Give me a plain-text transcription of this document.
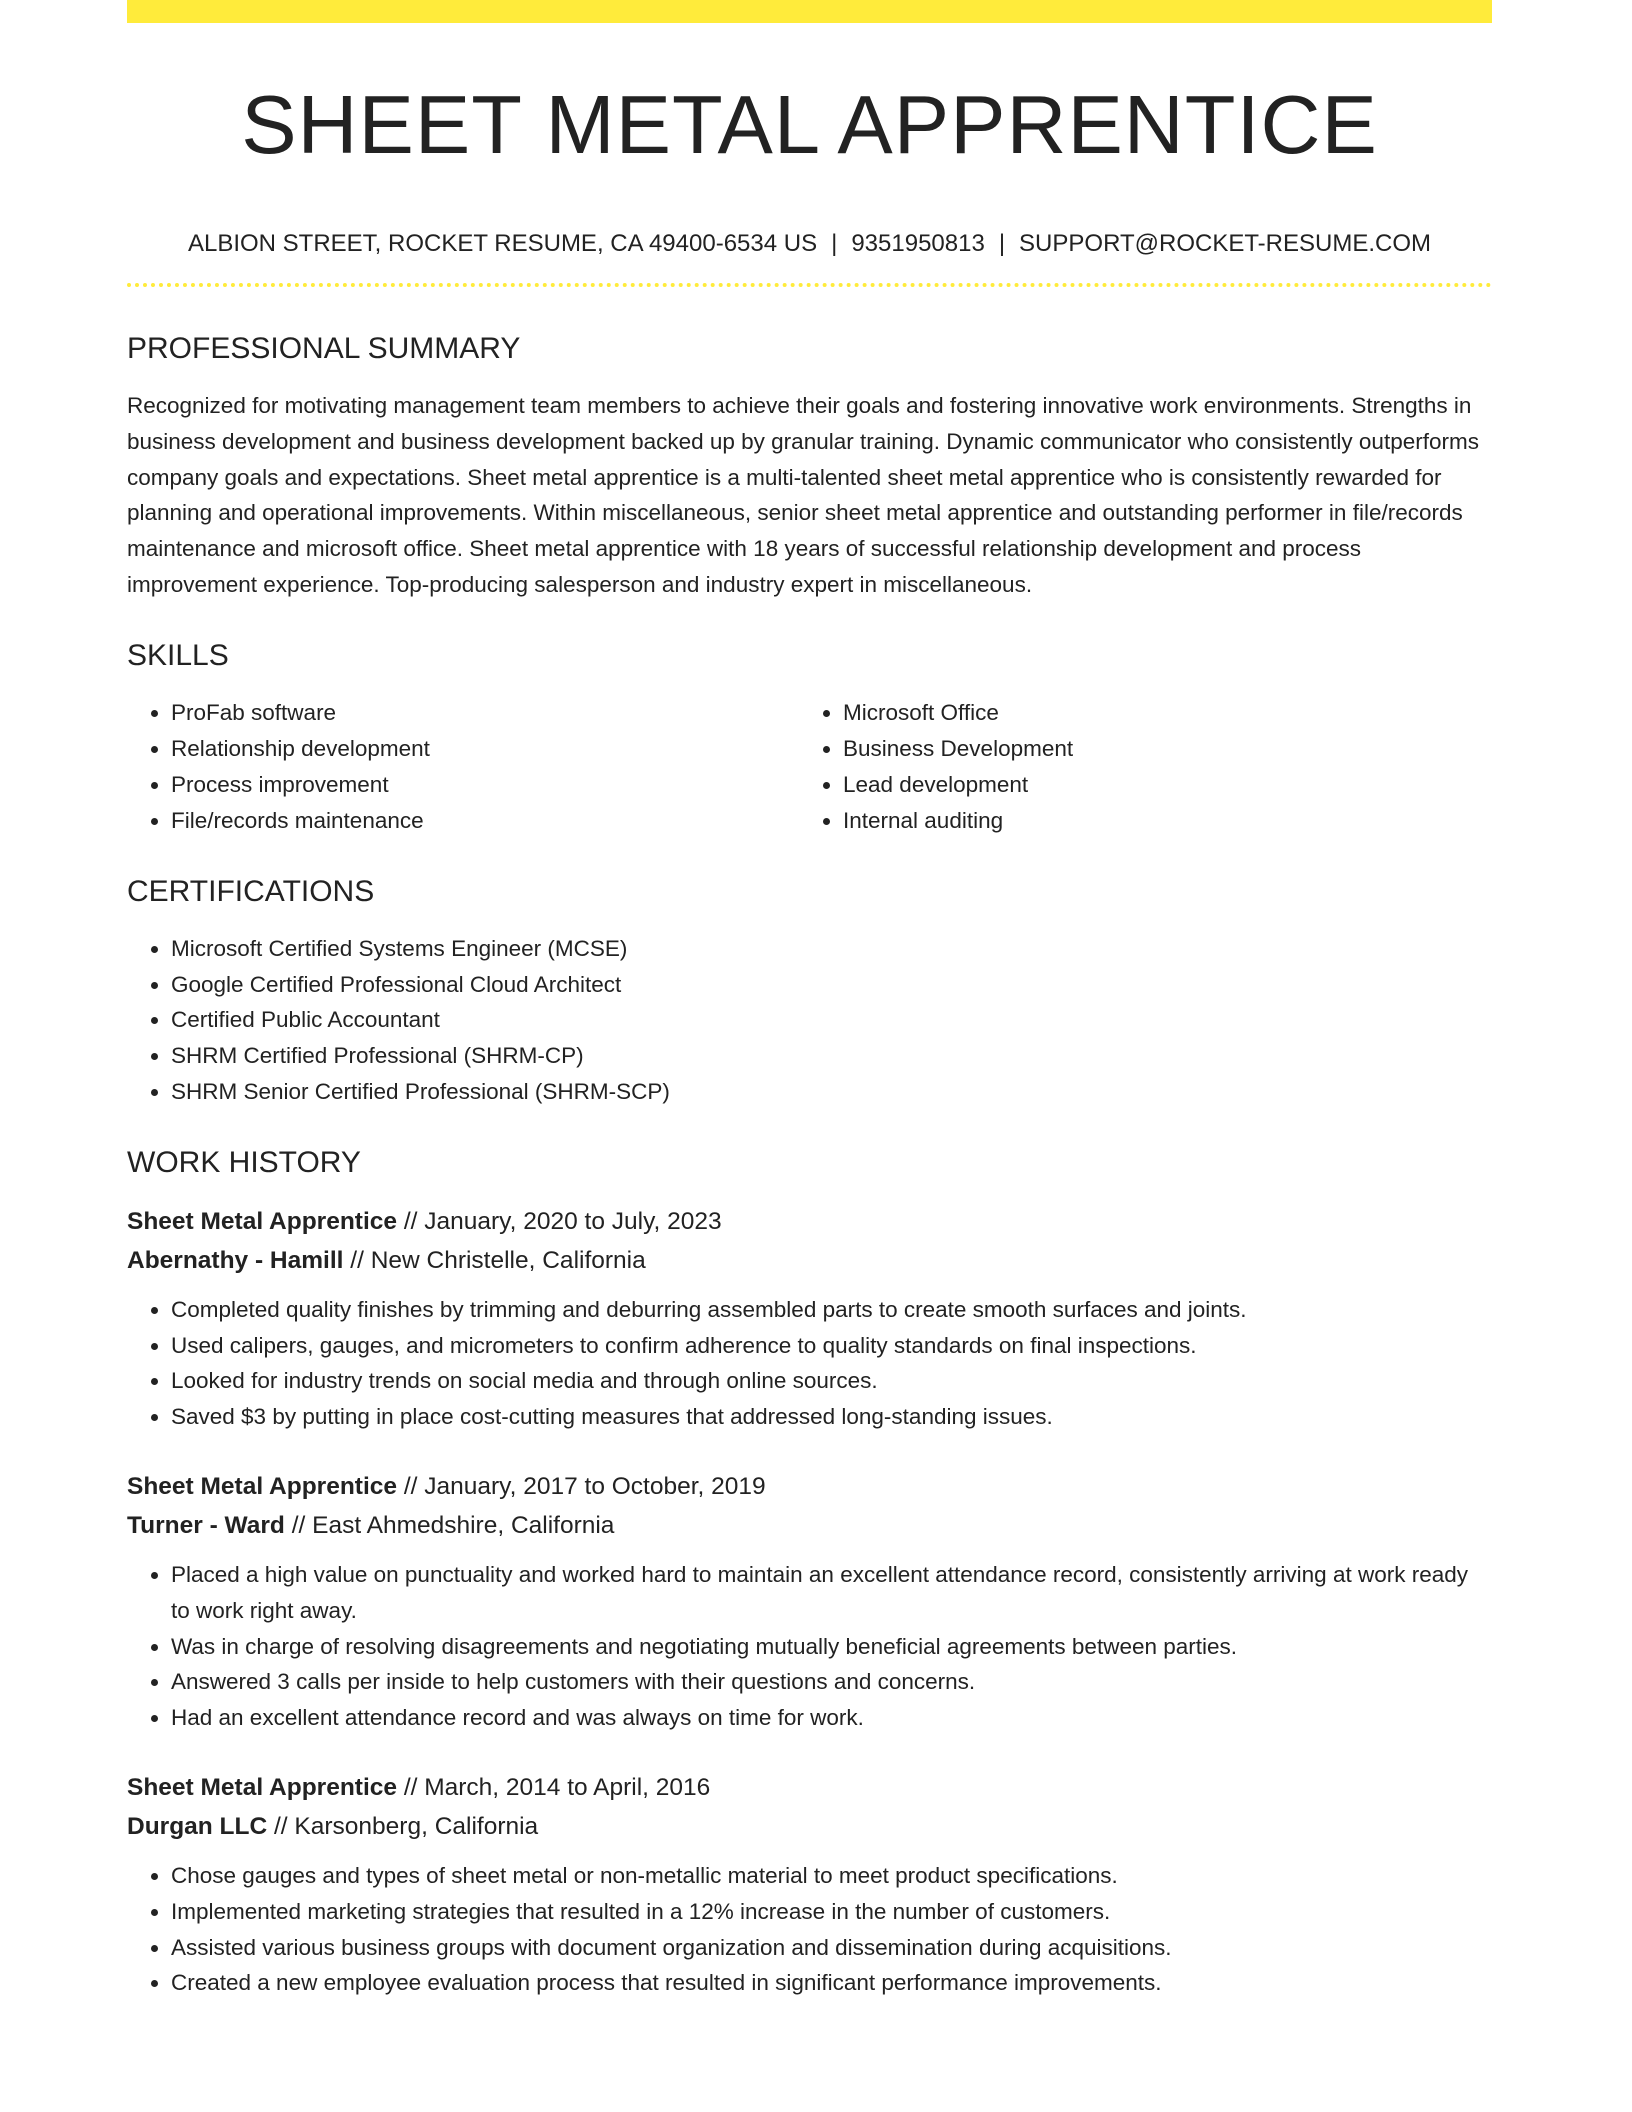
SHEET METAL APPRENTICE
ALBION STREET, ROCKET RESUME, CA 49400-6534 US | 9351950813 | SUPPORT@ROCKET-RESUME.COM
PROFESSIONAL SUMMARY

Recognized for motivating management team members to achieve their goals and fostering innovative work environments. Strengths in business development and business development backed up by granular training. Dynamic communicator who consistently outperforms company goals and expectations. Sheet metal apprentice is a multi-talented sheet metal apprentice who is consistently rewarded for planning and operational improvements. Within miscellaneous, senior sheet metal apprentice and outstanding performer in file/records maintenance and microsoft office. Sheet metal apprentice with 18 years of successful relationship development and process improvement experience. Top-producing salesperson and industry expert in miscellaneous.

SKILLS
• ProFab software
• Relationship development
• Process improvement
• File/records maintenance
• Microsoft Office
• Business Development
• Lead development
• Internal auditing
CERTIFICATIONS
• Microsoft Certified Systems Engineer (MCSE)
• Google Certified Professional Cloud Architect
• Certified Public Accountant
• SHRM Certified Professional (SHRM-CP)
• SHRM Senior Certified Professional (SHRM-SCP)
WORK HISTORY
Sheet Metal Apprentice // January, 2020 to July, 2023
Abernathy - Hamill // New Christelle, California
• Completed quality finishes by trimming and deburring assembled parts to create smooth surfaces and joints.
• Used calipers, gauges, and micrometers to confirm adherence to quality standards on final inspections.
• Looked for industry trends on social media and through online sources.
• Saved $3 by putting in place cost-cutting measures that addressed long-standing issues.
Sheet Metal Apprentice // January, 2017 to October, 2019
Turner - Ward // East Ahmedshire, California
• Placed a high value on punctuality and worked hard to maintain an excellent attendance record, consistently arriving at work ready to work right away.
• Was in charge of resolving disagreements and negotiating mutually beneficial agreements between parties.
• Answered 3 calls per inside to help customers with their questions and concerns.
• Had an excellent attendance record and was always on time for work.
Sheet Metal Apprentice // March, 2014 to April, 2016
Durgan LLC // Karsonberg, California
• Chose gauges and types of sheet metal or non-metallic material to meet product specifications.
• Implemented marketing strategies that resulted in a 12% increase in the number of customers.
• Assisted various business groups with document organization and dissemination during acquisitions.
• Created a new employee evaluation process that resulted in significant performance improvements.
